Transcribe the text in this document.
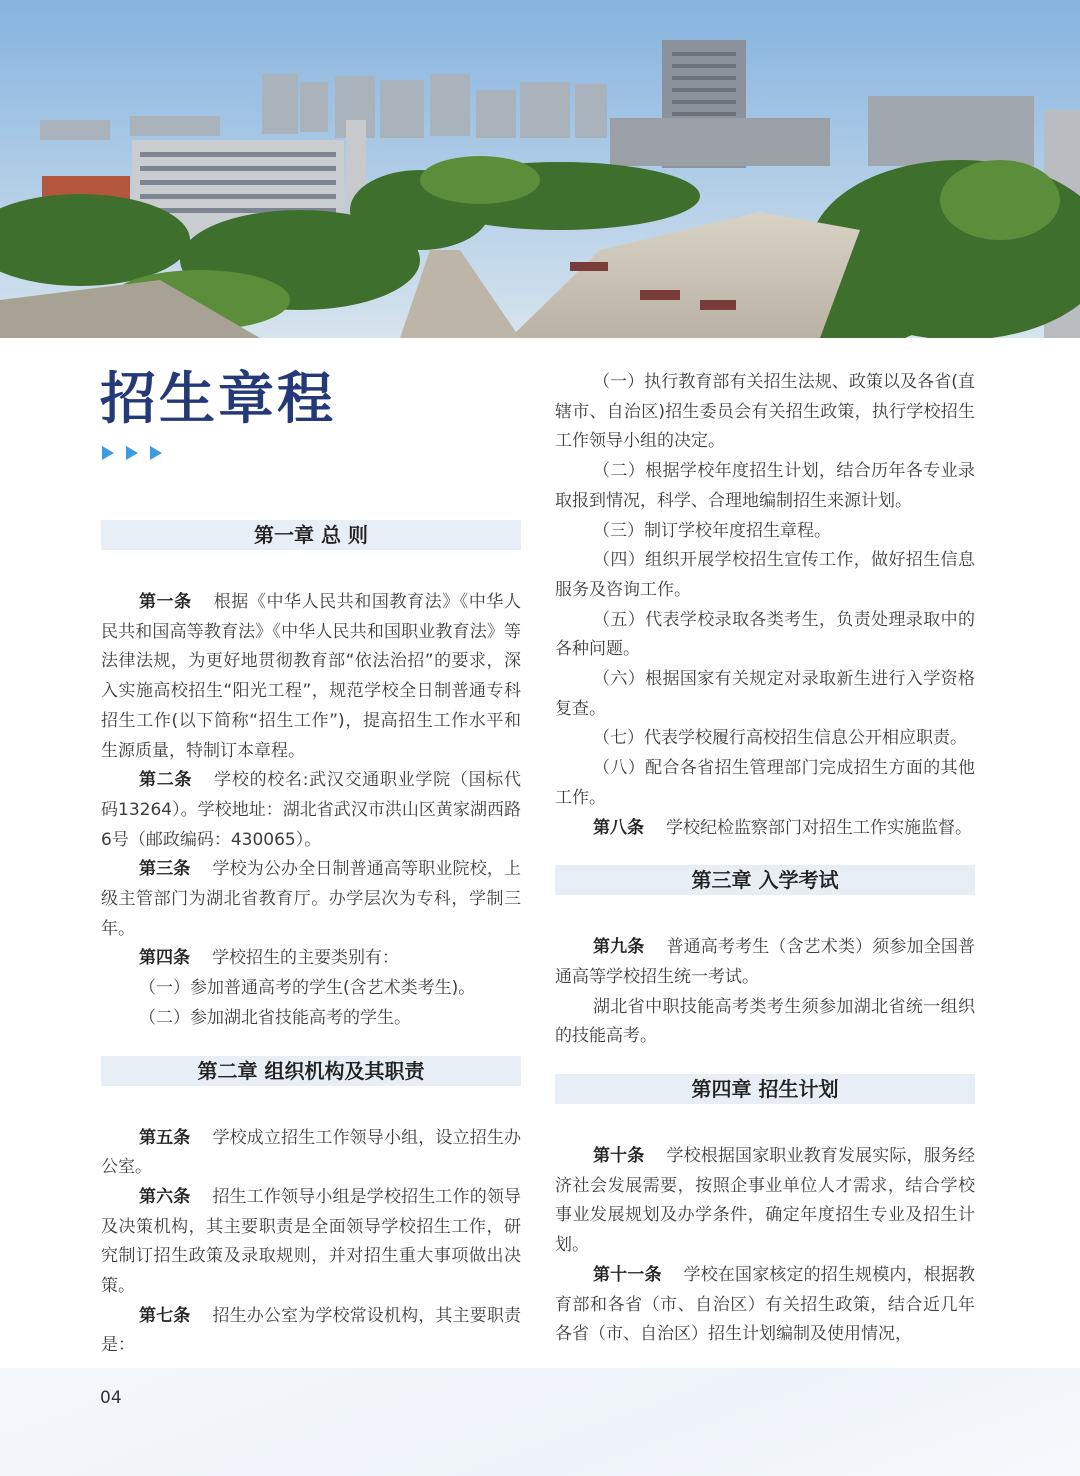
招生章程
第一章 总 则

第一条 根据《中华人民共和国教育法》《中华人民共和国高等教育法》《中华人民共和国职业教育法》等法律法规，为更好地贯彻教育部“依法治招”的要求，深入实施高校招生“阳光工程”，规范学校全日制普通专科招生工作(以下简称“招生工作”)，提高招生工作水平和生源质量，特制订本章程。

第二条 学校的校名:武汉交通职业学院（国标代码13264）。学校地址：湖北省武汉市洪山区黄家湖西路6号（邮政编码：430065）。

第三条 学校为公办全日制普通高等职业院校，上级主管部门为湖北省教育厅。办学层次为专科，学制三年。

第四条 学校招生的主要类别有：

（一）参加普通高考的学生(含艺术类考生)。

（二）参加湖北省技能高考的学生。

第二章 组织机构及其职责

第五条 学校成立招生工作领导小组，设立招生办公室。

第六条 招生工作领导小组是学校招生工作的领导及决策机构，其主要职责是全面领导学校招生工作，研究制订招生政策及录取规则，并对招生重大事项做出决策。

第七条 招生办公室为学校常设机构，其主要职责是：

（一）执行教育部有关招生法规、政策以及各省(直辖市、自治区)招生委员会有关招生政策，执行学校招生工作领导小组的决定。

（二）根据学校年度招生计划，结合历年各专业录取报到情况，科学、合理地编制招生来源计划。

（三）制订学校年度招生章程。

（四）组织开展学校招生宣传工作，做好招生信息服务及咨询工作。

（五）代表学校录取各类考生，负责处理录取中的各种问题。

（六）根据国家有关规定对录取新生进行入学资格复查。

（七）代表学校履行高校招生信息公开相应职责。

（八）配合各省招生管理部门完成招生方面的其他工作。

第八条 学校纪检监察部门对招生工作实施监督。

第三章 入学考试

第九条 普通高考考生（含艺术类）须参加全国普通高等学校招生统一考试。

湖北省中职技能高考类考生须参加湖北省统一组织的技能高考。

第四章 招生计划

第十条 学校根据国家职业教育发展实际，服务经济社会发展需要，按照企事业单位人才需求，结合学校事业发展规划及办学条件，确定年度招生专业及招生计划。

第十一条 学校在国家核定的招生规模内，根据教育部和各省（市、自治区）有关招生政策，结合近几年各省（市、自治区）招生计划编制及使用情况，

04
